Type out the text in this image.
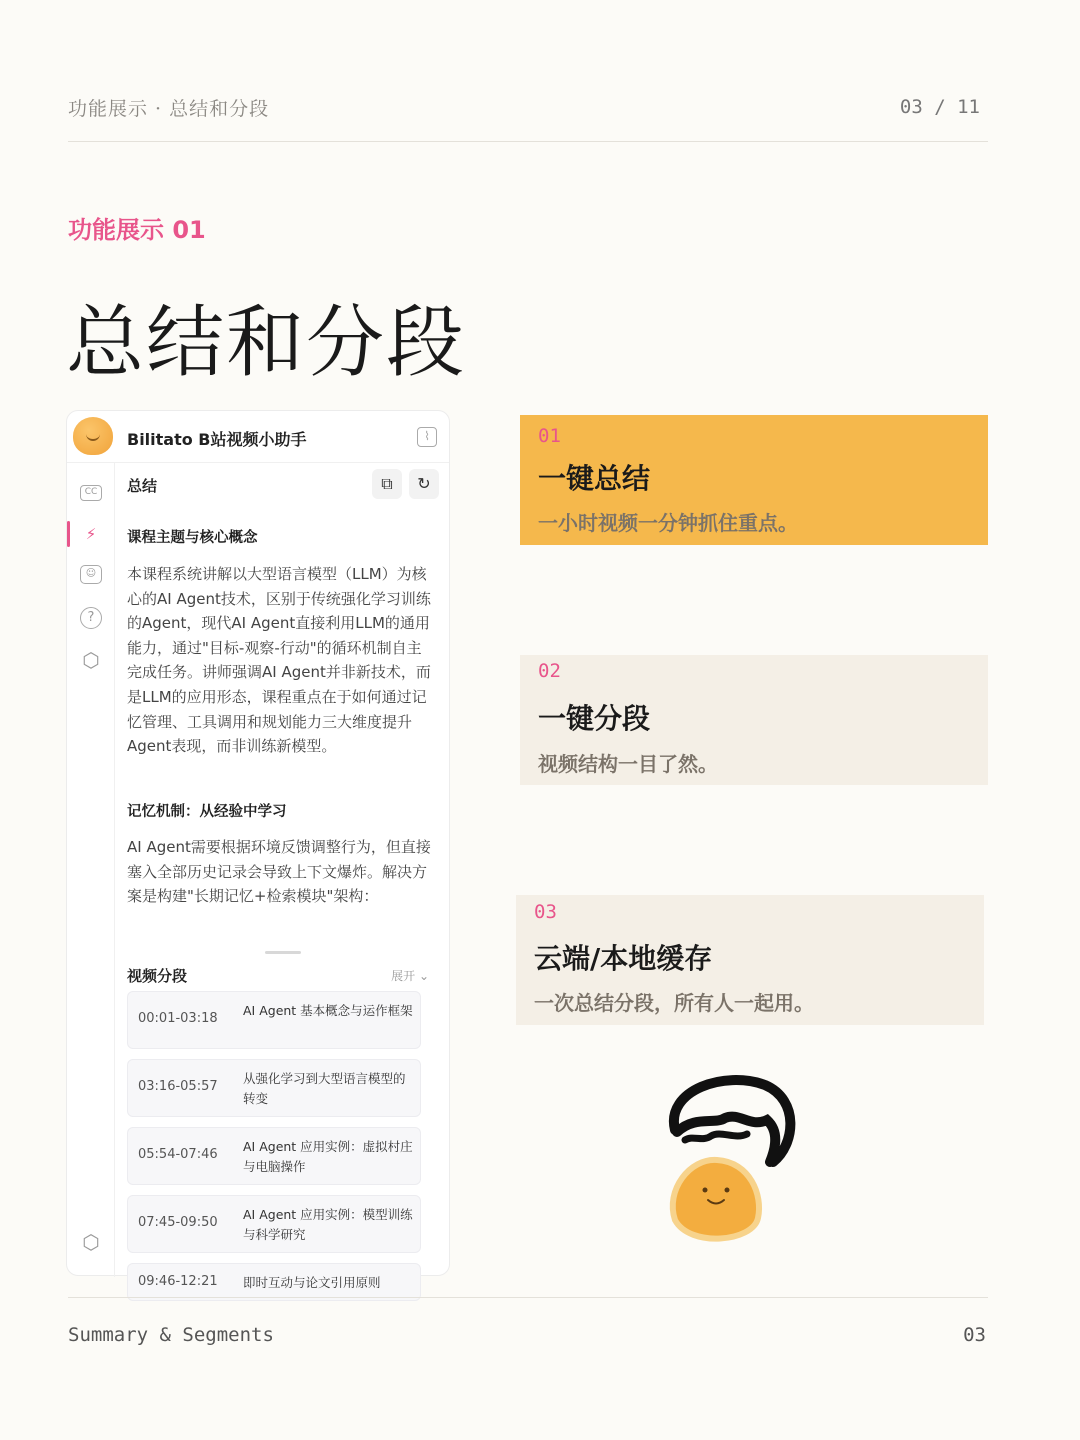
功能展示 · 总结和分段	03 / 11
功能展示 01
总结和分段
Bilitato B站视频小助手	⌇
CC
⚡
☺
?
⬡
⬡
总结	⧉	↻
课程主题与核心概念
本课程系统讲解以大型语言模型（LLM）为核心的AI Agent技术，区别于传统强化学习训练的Agent，现代AI Agent直接利用LLM的通用能力，通过"目标-观察-行动"的循环机制自主完成任务。讲师强调AI Agent并非新技术，而是LLM的应用形态，课程重点在于如何通过记忆管理、工具调用和规划能力三大维度提升Agent表现，而非训练新模型。
记忆机制：从经验中学习
AI Agent需要根据环境反馈调整行为，但直接塞入全部历史记录会导致上下文爆炸。解决方案是构建"长期记忆+检索模块"架构：
视频分段	展开 ⌄
00:01-03:18
AI Agent 基本概念与运作框架
03:16-05:57
从强化学习到大型语言模型的转变
05:54-07:46
AI Agent 应用实例：虚拟村庄与电脑操作
07:45-09:50
AI Agent 应用实例：模型训练与科学研究
09:46-12:21 即时互动与论文引用原则
01
一键总结
一小时视频一分钟抓住重点。
02
一键分段
视频结构一目了然。
03
云端/本地缓存
一次总结分段，所有人一起用。
Summary & Segments	03
